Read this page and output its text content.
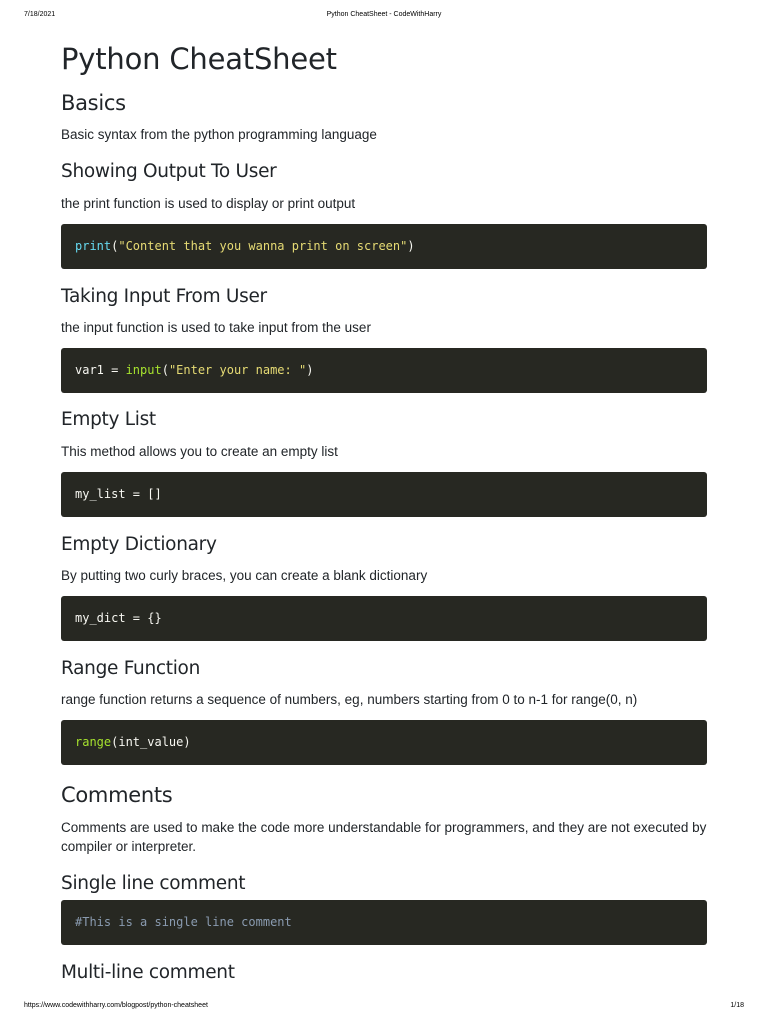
7/18/2021	Python CheatSheet - CodeWithHarry
Python CheatSheet
Basics

Basic syntax from the python programming language

Showing Output To User

the print function is used to display or print output

print("Content that you wanna print on screen")
Taking Input From User

the input function is used to take input from the user

var1 = input("Enter your name: ")
Empty List

This method allows you to create an empty list

my_list = []
Empty Dictionary

By putting two curly braces, you can create a blank dictionary

my_dict = {}
Range Function

range function returns a sequence of numbers, eg, numbers starting from 0 to n-1 for range(0, n)

range(int_value)
Comments

Comments are used to make the code more understandable for programmers, and they are not executed by compiler or interpreter.

Single line comment
#This is a single line comment
Multi-line comment
https://www.codewithharry.com/blogpost/python-cheatsheet	1/18
